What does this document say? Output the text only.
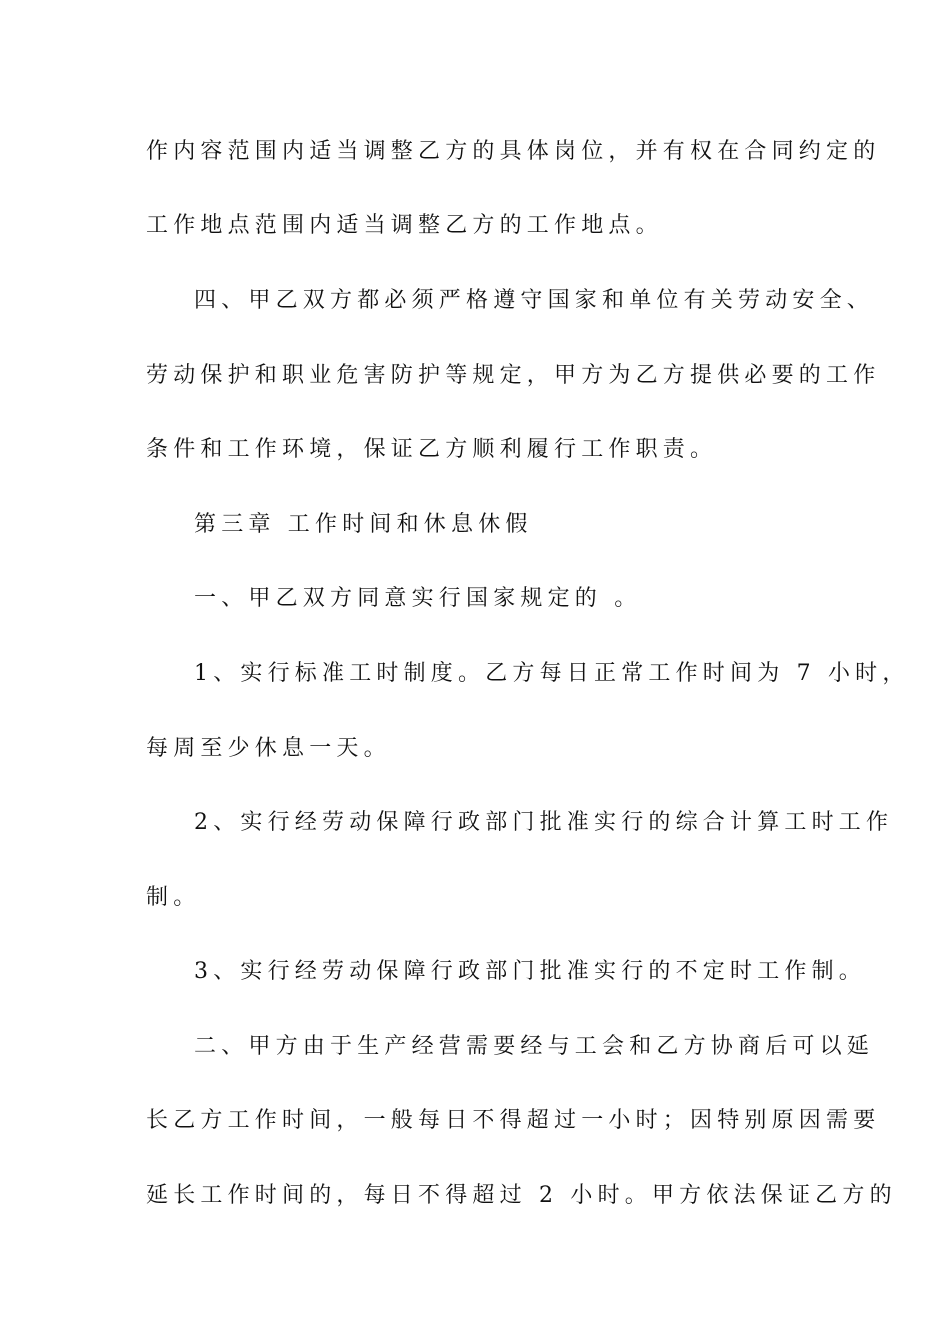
作内容范围内适当调整乙方的具体岗位，并有权在合同约定的
工作地点范围内适当调整乙方的工作地点。
四、甲乙双方都必须严格遵守国家和单位有关劳动安全、
劳动保护和职业危害防护等规定，甲方为乙方提供必要的工作
条件和工作环境，保证乙方顺利履行工作职责。
第三章 工作时间和休息休假
一、甲乙双方同意实行国家规定的 。
1、实行标准工时制度。乙方每日正常工作时间为 7 小时，
每周至少休息一天。
2、实行经劳动保障行政部门批准实行的综合计算工时工作
制。
3、实行经劳动保障行政部门批准实行的不定时工作制。
二、甲方由于生产经营需要经与工会和乙方协商后可以延
长乙方工作时间，一般每日不得超过一小时；因特别原因需要
延长工作时间的，每日不得超过 2 小时。甲方依法保证乙方的
